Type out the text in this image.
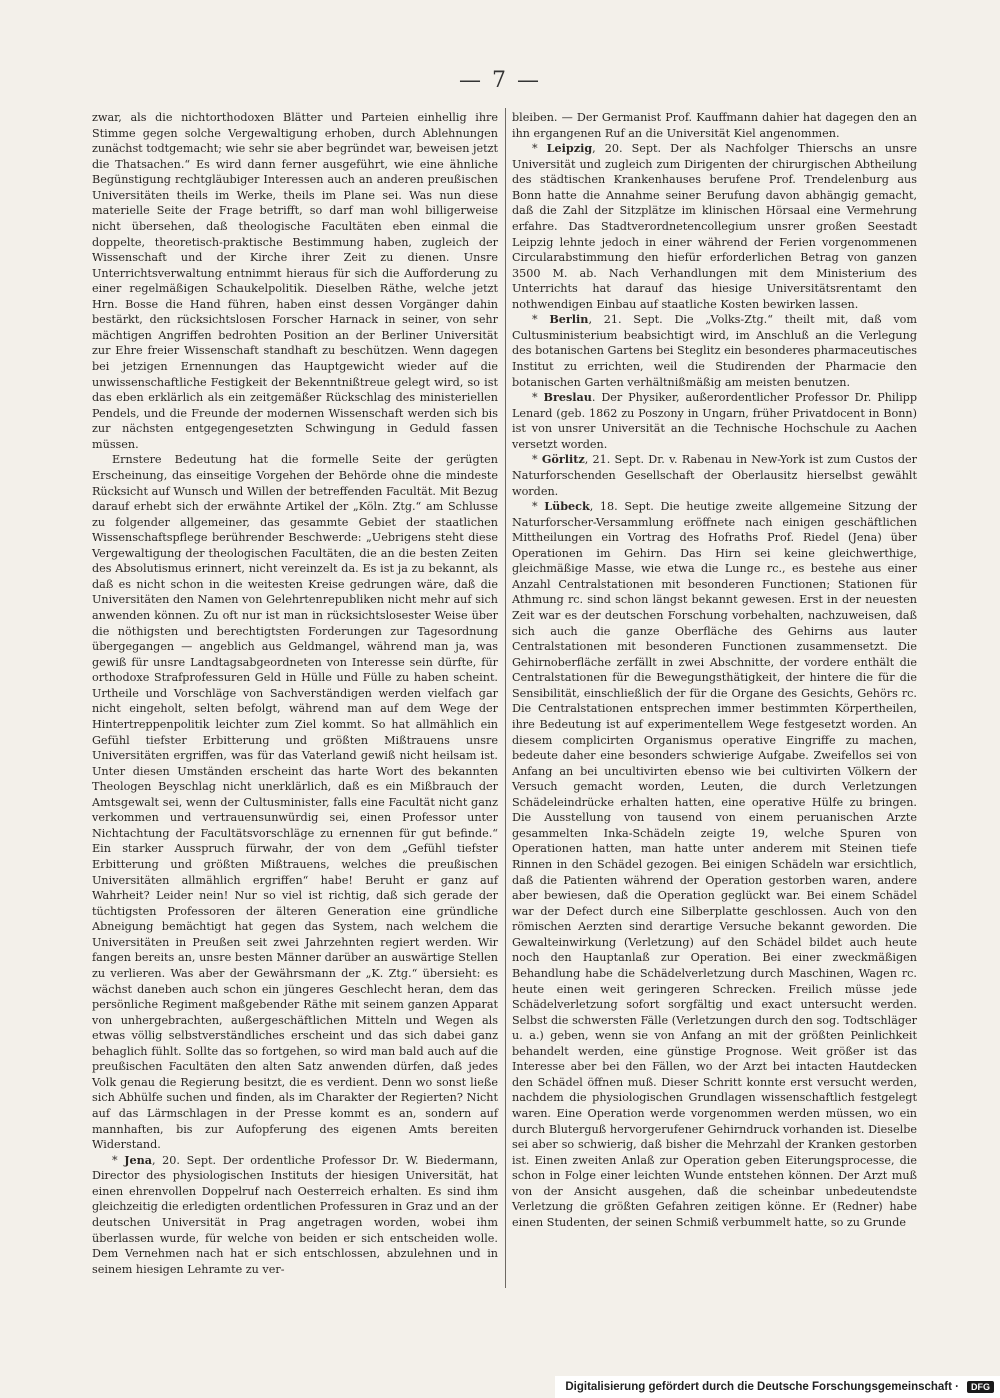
— 7 —

zwar, als die nichtorthodoxen Blätter und Parteien einhellig ihre Stimme gegen solche Vergewaltigung erhoben, durch Ablehnungen zunächst todtgemacht; wie sehr sie aber begründet war, beweisen jetzt die Thatsachen.“ Es wird dann ferner ausgeführt, wie eine ähnliche Begünstigung rechtgläubiger Interessen auch an anderen preußischen Universitäten theils im Werke, theils im Plane sei. Was nun diese materielle Seite der Frage betrifft, so darf man wohl billigerweise nicht übersehen, daß theologische Facultäten eben einmal die doppelte, theoretisch-praktische Bestimmung haben, zugleich der Wissenschaft und der Kirche ihrer Zeit zu dienen. Unsre Unterrichtsverwaltung entnimmt hieraus für sich die Aufforderung zu einer regelmäßigen Schaukelpolitik. Dieselben Räthe, welche jetzt Hrn. Bosse die Hand führen, haben einst dessen Vorgänger dahin bestärkt, den rücksichtslosen Forscher Harnack in seiner, von sehr mächtigen Angriffen bedrohten Position an der Berliner Universität zur Ehre freier Wissenschaft standhaft zu beschützen. Wenn dagegen bei jetzigen Ernennungen das Hauptgewicht wieder auf die unwissenschaftliche Festigkeit der Bekenntnißtreue gelegt wird, so ist das eben erklärlich als ein zeitgemäßer Rückschlag des ministeriellen Pendels, und die Freunde der modernen Wissenschaft werden sich bis zur nächsten entgegengesetzten Schwingung in Geduld fassen müssen.

Ernstere Bedeutung hat die formelle Seite der gerügten Erscheinung, das einseitige Vorgehen der Behörde ohne die mindeste Rücksicht auf Wunsch und Willen der betreffenden Facultät. Mit Bezug darauf erhebt sich der erwähnte Artikel der „Köln. Ztg.“ am Schlusse zu folgender allgemeiner, das gesammte Gebiet der staatlichen Wissenschaftspflege berührender Beschwerde: „Uebrigens steht diese Vergewaltigung der theologischen Facultäten, die an die besten Zeiten des Absolutismus erinnert, nicht vereinzelt da. Es ist ja zu bekannt, als daß es nicht schon in die weitesten Kreise gedrungen wäre, daß die Universitäten den Namen von Gelehrtenrepubliken nicht mehr auf sich anwenden können. Zu oft nur ist man in rücksichtslosester Weise über die nöthigsten und berechtigtsten Forderungen zur Tagesordnung übergegangen — angeblich aus Geldmangel, während man ja, was gewiß für unsre Landtagsabgeordneten von Interesse sein dürfte, für orthodoxe Strafprofessuren Geld in Hülle und Fülle zu haben scheint. Urtheile und Vorschläge von Sachverständigen werden vielfach gar nicht eingeholt, selten befolgt, während man auf dem Wege der Hintertreppenpolitik leichter zum Ziel kommt. So hat allmählich ein Gefühl tiefster Erbitterung und größten Mißtrauens unsre Universitäten ergriffen, was für das Vaterland gewiß nicht heilsam ist. Unter diesen Umständen erscheint das harte Wort des bekannten Theologen Beyschlag nicht unerklärlich, daß es ein Mißbrauch der Amtsgewalt sei, wenn der Cultusminister, falls eine Facultät nicht ganz verkommen und vertrauensunwürdig sei, einen Professor unter Nichtachtung der Facultätsvorschläge zu ernennen für gut befinde.“ Ein starker Ausspruch fürwahr, der von dem „Gefühl tiefster Erbitterung und größten Mißtrauens, welches die preußischen Universitäten allmählich ergriffen“ habe! Beruht er ganz auf Wahrheit? Leider nein! Nur so viel ist richtig, daß sich gerade der tüchtigsten Professoren der älteren Generation eine gründliche Abneigung bemächtigt hat gegen das System, nach welchem die Universitäten in Preußen seit zwei Jahrzehnten regiert werden. Wir fangen bereits an, unsre besten Männer darüber an auswärtige Stellen zu verlieren. Was aber der Gewährsmann der „K. Ztg.“ übersieht: es wächst daneben auch schon ein jüngeres Geschlecht heran, dem das persönliche Regiment maßgebender Räthe mit seinem ganzen Apparat von unhergebrachten, außergeschäftlichen Mitteln und Wegen als etwas völlig selbstverständliches erscheint und das sich dabei ganz behaglich fühlt. Sollte das so fortgehen, so wird man bald auch auf die preußischen Facultäten den alten Satz anwenden dürfen, daß jedes Volk genau die Regierung besitzt, die es verdient. Denn wo sonst ließe sich Abhülfe suchen und finden, als im Charakter der Regierten? Nicht auf das Lärmschlagen in der Presse kommt es an, sondern auf mannhaften, bis zur Aufopferung des eigenen Amts bereiten Widerstand.

* Jena, 20. Sept. Der ordentliche Professor Dr. W. Biedermann, Director des physiologischen Instituts der hiesigen Universität, hat einen ehrenvollen Doppelruf nach Oesterreich erhalten. Es sind ihm gleichzeitig die erledigten ordentlichen Professuren in Graz und an der deutschen Universität in Prag angetragen worden, wobei ihm überlassen wurde, für welche von beiden er sich entscheiden wolle. Dem Vernehmen nach hat er sich entschlossen, abzulehnen und in seinem hiesigen Lehramte zu ver-

bleiben. — Der Germanist Prof. Kauffmann dahier hat dagegen den an ihn ergangenen Ruf an die Universität Kiel angenommen.

* Leipzig, 20. Sept. Der als Nachfolger Thierschs an unsre Universität und zugleich zum Dirigenten der chirurgischen Abtheilung des städtischen Krankenhauses berufene Prof. Trendelenburg aus Bonn hatte die Annahme seiner Berufung davon abhängig gemacht, daß die Zahl der Sitzplätze im klinischen Hörsaal eine Vermehrung erfahre. Das Stadtverordnetencollegium unsrer großen Seestadt Leipzig lehnte jedoch in einer während der Ferien vorgenommenen Circularabstimmung den hiefür erforderlichen Betrag von ganzen 3500 M. ab. Nach Verhandlungen mit dem Ministerium des Unterrichts hat darauf das hiesige Universitätsrentamt den nothwendigen Einbau auf staatliche Kosten bewirken lassen.

* Berlin, 21. Sept. Die „Volks-Ztg.“ theilt mit, daß vom Cultusministerium beabsichtigt wird, im Anschluß an die Verlegung des botanischen Gartens bei Steglitz ein besonderes pharmaceutisches Institut zu errichten, weil die Studirenden der Pharmacie den botanischen Garten verhältnißmäßig am meisten benutzen.

* Breslau. Der Physiker, außerordentlicher Professor Dr. Philipp Lenard (geb. 1862 zu Poszony in Ungarn, früher Privatdocent in Bonn) ist von unsrer Universität an die Technische Hochschule zu Aachen versetzt worden.

* Görlitz, 21. Sept. Dr. v. Rabenau in New-York ist zum Custos der Naturforschenden Gesellschaft der Oberlausitz hierselbst gewählt worden.

* Lübeck, 18. Sept. Die heutige zweite allgemeine Sitzung der Naturforscher-Versammlung eröffnete nach einigen geschäftlichen Mittheilungen ein Vortrag des Hofraths Prof. Riedel (Jena) über Operationen im Gehirn. Das Hirn sei keine gleichwerthige, gleichmäßige Masse, wie etwa die Lunge rc., es bestehe aus einer Anzahl Centralstationen mit besonderen Functionen; Stationen für Athmung rc. sind schon längst bekannt gewesen. Erst in der neuesten Zeit war es der deutschen Forschung vorbehalten, nachzuweisen, daß sich auch die ganze Oberfläche des Gehirns aus lauter Centralstationen mit besonderen Functionen zusammensetzt. Die Gehirnoberfläche zerfällt in zwei Abschnitte, der vordere enthält die Centralstationen für die Bewegungsthätigkeit, der hintere die für die Sensibilität, einschließlich der für die Organe des Gesichts, Gehörs rc. Die Centralstationen entsprechen immer bestimmten Körpertheilen, ihre Bedeutung ist auf experimentellem Wege festgesetzt worden. An diesem complicirten Organismus operative Eingriffe zu machen, bedeute daher eine besonders schwierige Aufgabe. Zweifellos sei von Anfang an bei uncultivirten ebenso wie bei cultivirten Völkern der Versuch gemacht worden, Leuten, die durch Verletzungen Schädeleindrücke erhalten hatten, eine operative Hülfe zu bringen. Die Ausstellung von tausend von einem peruanischen Arzte gesammelten Inka-Schädeln zeigte 19, welche Spuren von Operationen hatten, man hatte unter anderem mit Steinen tiefe Rinnen in den Schädel gezogen. Bei einigen Schädeln war ersichtlich, daß die Patienten während der Operation gestorben waren, andere aber bewiesen, daß die Operation geglückt war. Bei einem Schädel war der Defect durch eine Silberplatte geschlossen. Auch von den römischen Aerzten sind derartige Versuche bekannt geworden. Die Gewalteinwirkung (Verletzung) auf den Schädel bildet auch heute noch den Hauptanlaß zur Operation. Bei einer zweckmäßigen Behandlung habe die Schädelverletzung durch Maschinen, Wagen rc. heute einen weit geringeren Schrecken. Freilich müsse jede Schädelverletzung sofort sorgfältig und exact untersucht werden. Selbst die schwersten Fälle (Verletzungen durch den sog. Todtschläger u. a.) geben, wenn sie von Anfang an mit der größten Peinlichkeit behandelt werden, eine günstige Prognose. Weit größer ist das Interesse aber bei den Fällen, wo der Arzt bei intacten Hautdecken den Schädel öffnen muß. Dieser Schritt konnte erst versucht werden, nachdem die physiologischen Grundlagen wissenschaftlich festgelegt waren. Eine Operation werde vorgenommen werden müssen, wo ein durch Bluterguß hervorgerufener Gehirndruck vorhanden ist. Dieselbe sei aber so schwierig, daß bisher die Mehrzahl der Kranken gestorben ist. Einen zweiten Anlaß zur Operation geben Eiterungsprocesse, die schon in Folge einer leichten Wunde entstehen können. Der Arzt muß von der Ansicht ausgehen, daß die scheinbar unbedeutendste Verletzung die größten Gefahren zeitigen könne. Er (Redner) habe einen Studenten, der seinen Schmiß verbummelt hatte, so zu Grunde

Digitalisierung gefördert durch die Deutsche Forschungsgemeinschaft ·	DFG
